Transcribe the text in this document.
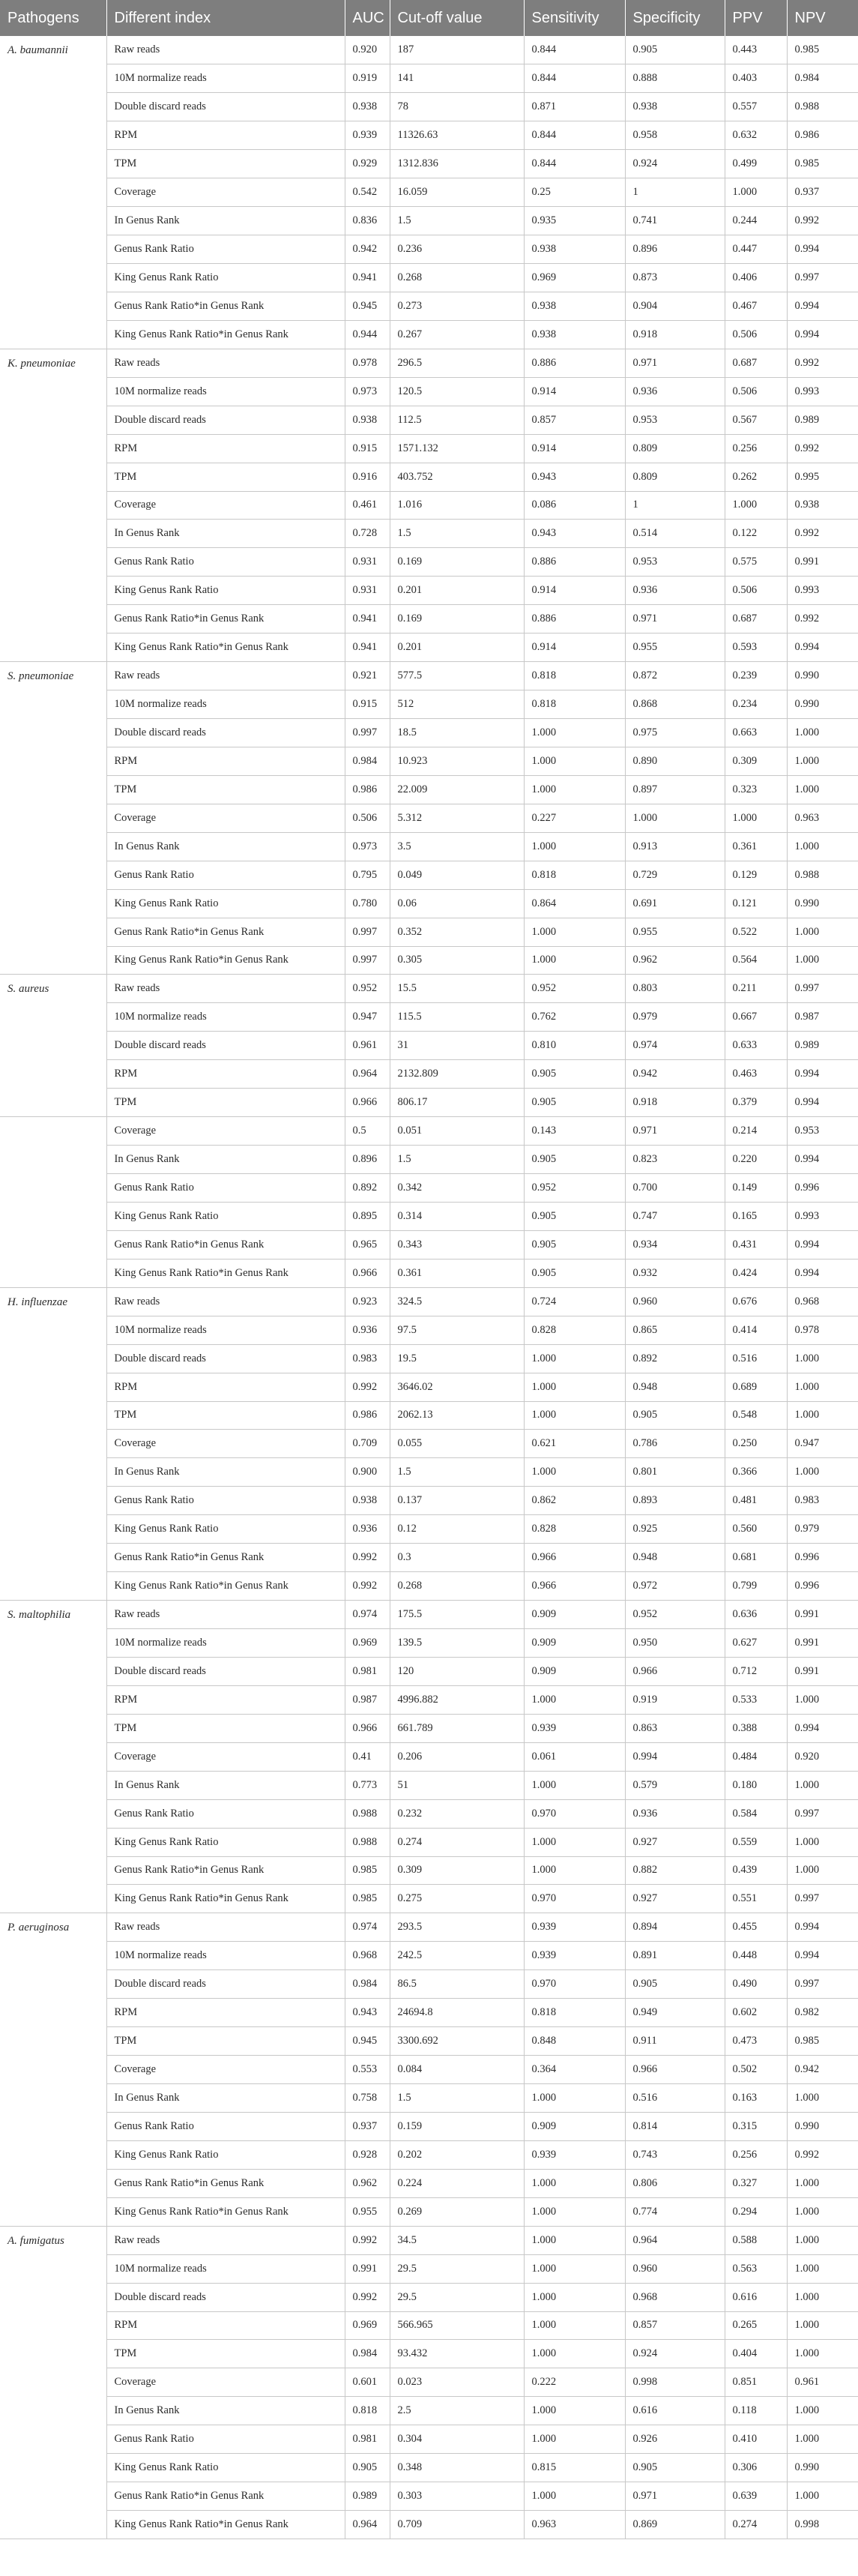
Pathogens	Different index	AUC	Cut-off value	Sensitivity	Specificity	PPV	NPV
A. baumannii	Raw reads	0.920	187	0.844	0.905	0.443	0.985
	10M normalize reads	0.919	141	0.844	0.888	0.403	0.984
	Double discard reads	0.938	78	0.871	0.938	0.557	0.988
	RPM	0.939	11326.63	0.844	0.958	0.632	0.986
	TPM	0.929	1312.836	0.844	0.924	0.499	0.985
	Coverage	0.542	16.059	0.25	1	1.000	0.937
	In Genus Rank	0.836	1.5	0.935	0.741	0.244	0.992
	Genus Rank Ratio	0.942	0.236	0.938	0.896	0.447	0.994
	King Genus Rank Ratio	0.941	0.268	0.969	0.873	0.406	0.997
	Genus Rank Ratio*in Genus Rank	0.945	0.273	0.938	0.904	0.467	0.994
	King Genus Rank Ratio*in Genus Rank	0.944	0.267	0.938	0.918	0.506	0.994
K. pneumoniae	Raw reads	0.978	296.5	0.886	0.971	0.687	0.992
	10M normalize reads	0.973	120.5	0.914	0.936	0.506	0.993
	Double discard reads	0.938	112.5	0.857	0.953	0.567	0.989
	RPM	0.915	1571.132	0.914	0.809	0.256	0.992
	TPM	0.916	403.752	0.943	0.809	0.262	0.995
	Coverage	0.461	1.016	0.086	1	1.000	0.938
	In Genus Rank	0.728	1.5	0.943	0.514	0.122	0.992
	Genus Rank Ratio	0.931	0.169	0.886	0.953	0.575	0.991
	King Genus Rank Ratio	0.931	0.201	0.914	0.936	0.506	0.993
	Genus Rank Ratio*in Genus Rank	0.941	0.169	0.886	0.971	0.687	0.992
	King Genus Rank Ratio*in Genus Rank	0.941	0.201	0.914	0.955	0.593	0.994
S. pneumoniae	Raw reads	0.921	577.5	0.818	0.872	0.239	0.990
	10M normalize reads	0.915	512	0.818	0.868	0.234	0.990
	Double discard reads	0.997	18.5	1.000	0.975	0.663	1.000
	RPM	0.984	10.923	1.000	0.890	0.309	1.000
	TPM	0.986	22.009	1.000	0.897	0.323	1.000
	Coverage	0.506	5.312	0.227	1.000	1.000	0.963
	In Genus Rank	0.973	3.5	1.000	0.913	0.361	1.000
	Genus Rank Ratio	0.795	0.049	0.818	0.729	0.129	0.988
	King Genus Rank Ratio	0.780	0.06	0.864	0.691	0.121	0.990
	Genus Rank Ratio*in Genus Rank	0.997	0.352	1.000	0.955	0.522	1.000
	King Genus Rank Ratio*in Genus Rank	0.997	0.305	1.000	0.962	0.564	1.000
S. aureus	Raw reads	0.952	15.5	0.952	0.803	0.211	0.997
	10M normalize reads	0.947	115.5	0.762	0.979	0.667	0.987
	Double discard reads	0.961	31	0.810	0.974	0.633	0.989
	RPM	0.964	2132.809	0.905	0.942	0.463	0.994
	TPM	0.966	806.17	0.905	0.918	0.379	0.994
	Coverage	0.5	0.051	0.143	0.971	0.214	0.953
	In Genus Rank	0.896	1.5	0.905	0.823	0.220	0.994
	Genus Rank Ratio	0.892	0.342	0.952	0.700	0.149	0.996
	King Genus Rank Ratio	0.895	0.314	0.905	0.747	0.165	0.993
	Genus Rank Ratio*in Genus Rank	0.965	0.343	0.905	0.934	0.431	0.994
	King Genus Rank Ratio*in Genus Rank	0.966	0.361	0.905	0.932	0.424	0.994
H. influenzae	Raw reads	0.923	324.5	0.724	0.960	0.676	0.968
	10M normalize reads	0.936	97.5	0.828	0.865	0.414	0.978
	Double discard reads	0.983	19.5	1.000	0.892	0.516	1.000
	RPM	0.992	3646.02	1.000	0.948	0.689	1.000
	TPM	0.986	2062.13	1.000	0.905	0.548	1.000
	Coverage	0.709	0.055	0.621	0.786	0.250	0.947
	In Genus Rank	0.900	1.5	1.000	0.801	0.366	1.000
	Genus Rank Ratio	0.938	0.137	0.862	0.893	0.481	0.983
	King Genus Rank Ratio	0.936	0.12	0.828	0.925	0.560	0.979
	Genus Rank Ratio*in Genus Rank	0.992	0.3	0.966	0.948	0.681	0.996
	King Genus Rank Ratio*in Genus Rank	0.992	0.268	0.966	0.972	0.799	0.996
S. maltophilia	Raw reads	0.974	175.5	0.909	0.952	0.636	0.991
	10M normalize reads	0.969	139.5	0.909	0.950	0.627	0.991
	Double discard reads	0.981	120	0.909	0.966	0.712	0.991
	RPM	0.987	4996.882	1.000	0.919	0.533	1.000
	TPM	0.966	661.789	0.939	0.863	0.388	0.994
	Coverage	0.41	0.206	0.061	0.994	0.484	0.920
	In Genus Rank	0.773	51	1.000	0.579	0.180	1.000
	Genus Rank Ratio	0.988	0.232	0.970	0.936	0.584	0.997
	King Genus Rank Ratio	0.988	0.274	1.000	0.927	0.559	1.000
	Genus Rank Ratio*in Genus Rank	0.985	0.309	1.000	0.882	0.439	1.000
	King Genus Rank Ratio*in Genus Rank	0.985	0.275	0.970	0.927	0.551	0.997
P. aeruginosa	Raw reads	0.974	293.5	0.939	0.894	0.455	0.994
	10M normalize reads	0.968	242.5	0.939	0.891	0.448	0.994
	Double discard reads	0.984	86.5	0.970	0.905	0.490	0.997
	RPM	0.943	24694.8	0.818	0.949	0.602	0.982
	TPM	0.945	3300.692	0.848	0.911	0.473	0.985
	Coverage	0.553	0.084	0.364	0.966	0.502	0.942
	In Genus Rank	0.758	1.5	1.000	0.516	0.163	1.000
	Genus Rank Ratio	0.937	0.159	0.909	0.814	0.315	0.990
	King Genus Rank Ratio	0.928	0.202	0.939	0.743	0.256	0.992
	Genus Rank Ratio*in Genus Rank	0.962	0.224	1.000	0.806	0.327	1.000
	King Genus Rank Ratio*in Genus Rank	0.955	0.269	1.000	0.774	0.294	1.000
A. fumigatus	Raw reads	0.992	34.5	1.000	0.964	0.588	1.000
	10M normalize reads	0.991	29.5	1.000	0.960	0.563	1.000
	Double discard reads	0.992	29.5	1.000	0.968	0.616	1.000
	RPM	0.969	566.965	1.000	0.857	0.265	1.000
	TPM	0.984	93.432	1.000	0.924	0.404	1.000
	Coverage	0.601	0.023	0.222	0.998	0.851	0.961
	In Genus Rank	0.818	2.5	1.000	0.616	0.118	1.000
	Genus Rank Ratio	0.981	0.304	1.000	0.926	0.410	1.000
	King Genus Rank Ratio	0.905	0.348	0.815	0.905	0.306	0.990
	Genus Rank Ratio*in Genus Rank	0.989	0.303	1.000	0.971	0.639	1.000
	King Genus Rank Ratio*in Genus Rank	0.964	0.709	0.963	0.869	0.274	0.998
